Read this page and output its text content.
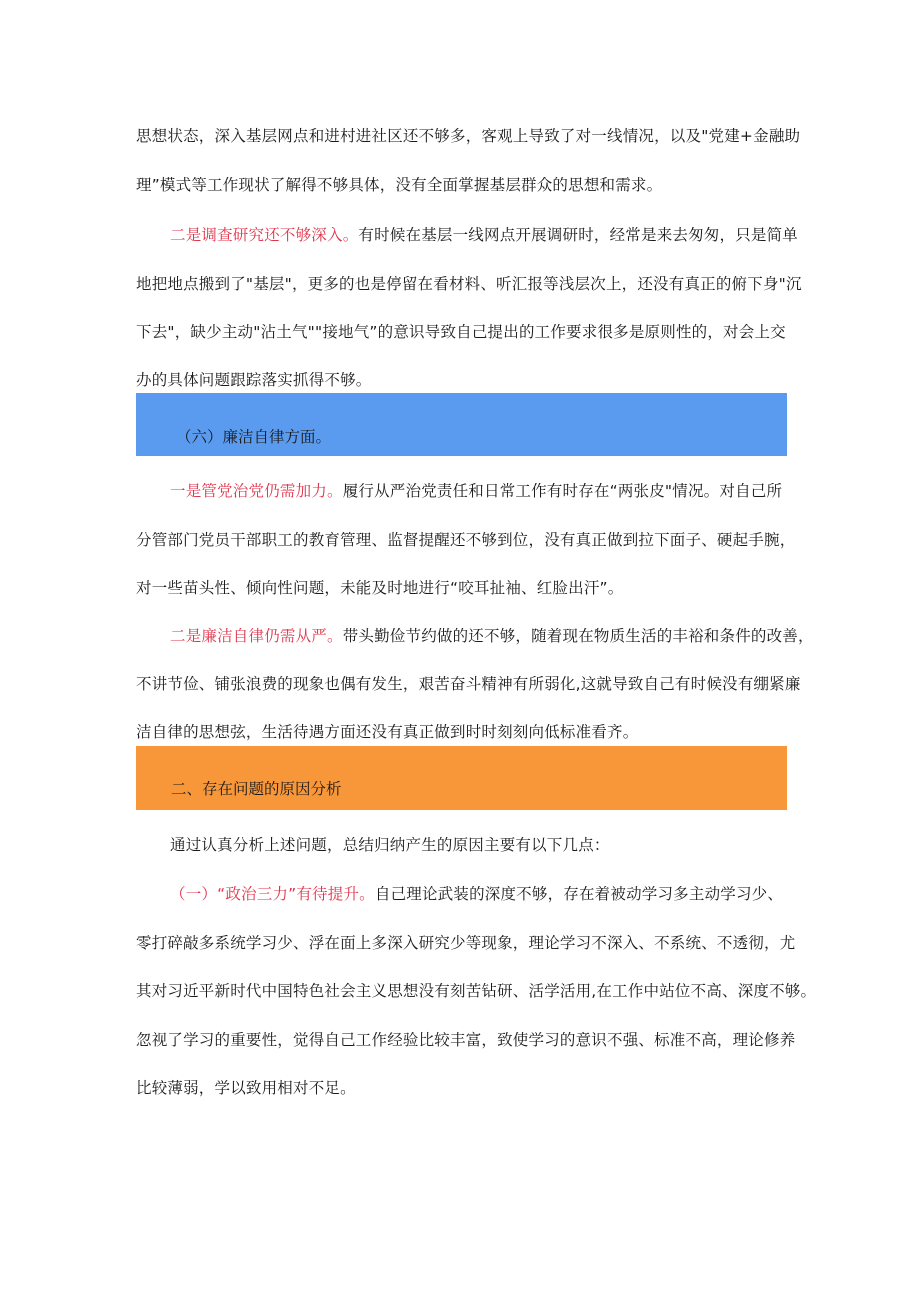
思想状态，深入基层网点和进村进社区还不够多，客观上导致了对一线情况，以及"党建+金融助
理”模式等工作现状了解得不够具体，没有全面掌握基层群众的思想和需求。
二是调查研究还不够深入。有时候在基层一线网点开展调研时，经常是来去匆匆，只是简单
地把地点搬到了"基层"，更多的也是停留在看材料、听汇报等浅层次上，还没有真正的俯下身"沉
下去"，缺少主动"沾土气""接地气”的意识导致自己提出的工作要求很多是原则性的，对会上交
办的具体问题跟踪落实抓得不够。
（六）廉洁自律方面。
一是管党治党仍需加力。履行从严治党责任和日常工作有时存在“两张皮"情况。对自己所
分管部门党员干部职工的教育管理、监督提醒还不够到位，没有真正做到拉下面子、硬起手腕，
对一些苗头性、倾向性问题，未能及时地进行“咬耳扯袖、红脸出汗”。
二是廉洁自律仍需从严。带头勤俭节约做的还不够，随着现在物质生活的丰裕和条件的改善，
不讲节俭、铺张浪费的现象也偶有发生，艰苦奋斗精神有所弱化,这就导致自己有时候没有绷紧廉
洁自律的思想弦，生活待遇方面还没有真正做到时时刻刻向低标准看齐。
二、存在问题的原因分析
通过认真分析上述问题，总结归纳产生的原因主要有以下几点：
（一）“政治三力”有待提升。自己理论武装的深度不够，存在着被动学习多主动学习少、
零打碎敲多系统学习少、浮在面上多深入研究少等现象，理论学习不深入、不系统、不透彻，尤
其对习近平新时代中国特色社会主义思想没有刻苦钻研、活学活用,在工作中站位不高、深度不够。
忽视了学习的重要性，觉得自己工作经验比较丰富，致使学习的意识不强、标准不高，理论修养
比较薄弱，学以致用相对不足。
